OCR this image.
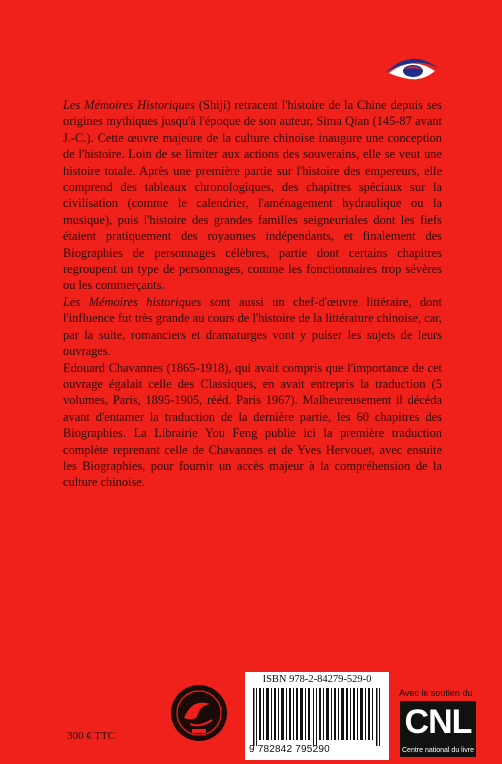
Les Mémoires Historiques (Shiji) retracent l'histoire de la Chine depuis ses origines mythiques jusqu'à l'époque de son auteur, Sima Qian (145-87 avant J.-C.). Cette œuvre majeure de la culture chinoise inaugure une conception de l'histoire. Loin de se limiter aux actions des souverains, elle se veut une histoire totale. Après une première partie sur l'histoire des empereurs, elle comprend des tableaux chronologiques, des chapitres spéciaux sur la civilisation (comme le calendrier, l'aménagement hydraulique ou la musique), puis l'histoire des grandes familles seigneuriales dont les fiefs étaient pratiquement des royaumes indépendants, et finalement des Biographies de personnages célèbres, partie dont certains chapitres regroupent un type de personnages, comme les fonctionnaires trop sévères ou les commerçants.

Les Mémoires historiques sont aussi un chef-d'œuvre littéraire, dont l'influence fut très grande au cours de l'histoire de la littérature chinoise, car, par la suite, romanciers et dramaturges vont y puiser les sujets de leurs ouvrages.

Edouard Chavannes (1865-1918), qui avait compris que l'importance de cet ouvrage égalait celle des Classiques, en avait entrepris la traduction (5 volumes, Paris, 1895-1905, rééd. Paris 1967). Malheureusement il décéda avant d'entamer la traduction de la dernière partie, les 60 chapitres des Biographies. La Librairie You Feng publie ici la première traduction complète reprenant celle de Chavannes et de Yves Hervouet, avec ensuite les Biographies, pour fournir un accès majeur à la compréhension de la culture chinoise.

300 € TTC
ISBN 978-2-84279-529-0
9 782842 795290
Avec le soutien du
CNL
Centre national du livre
